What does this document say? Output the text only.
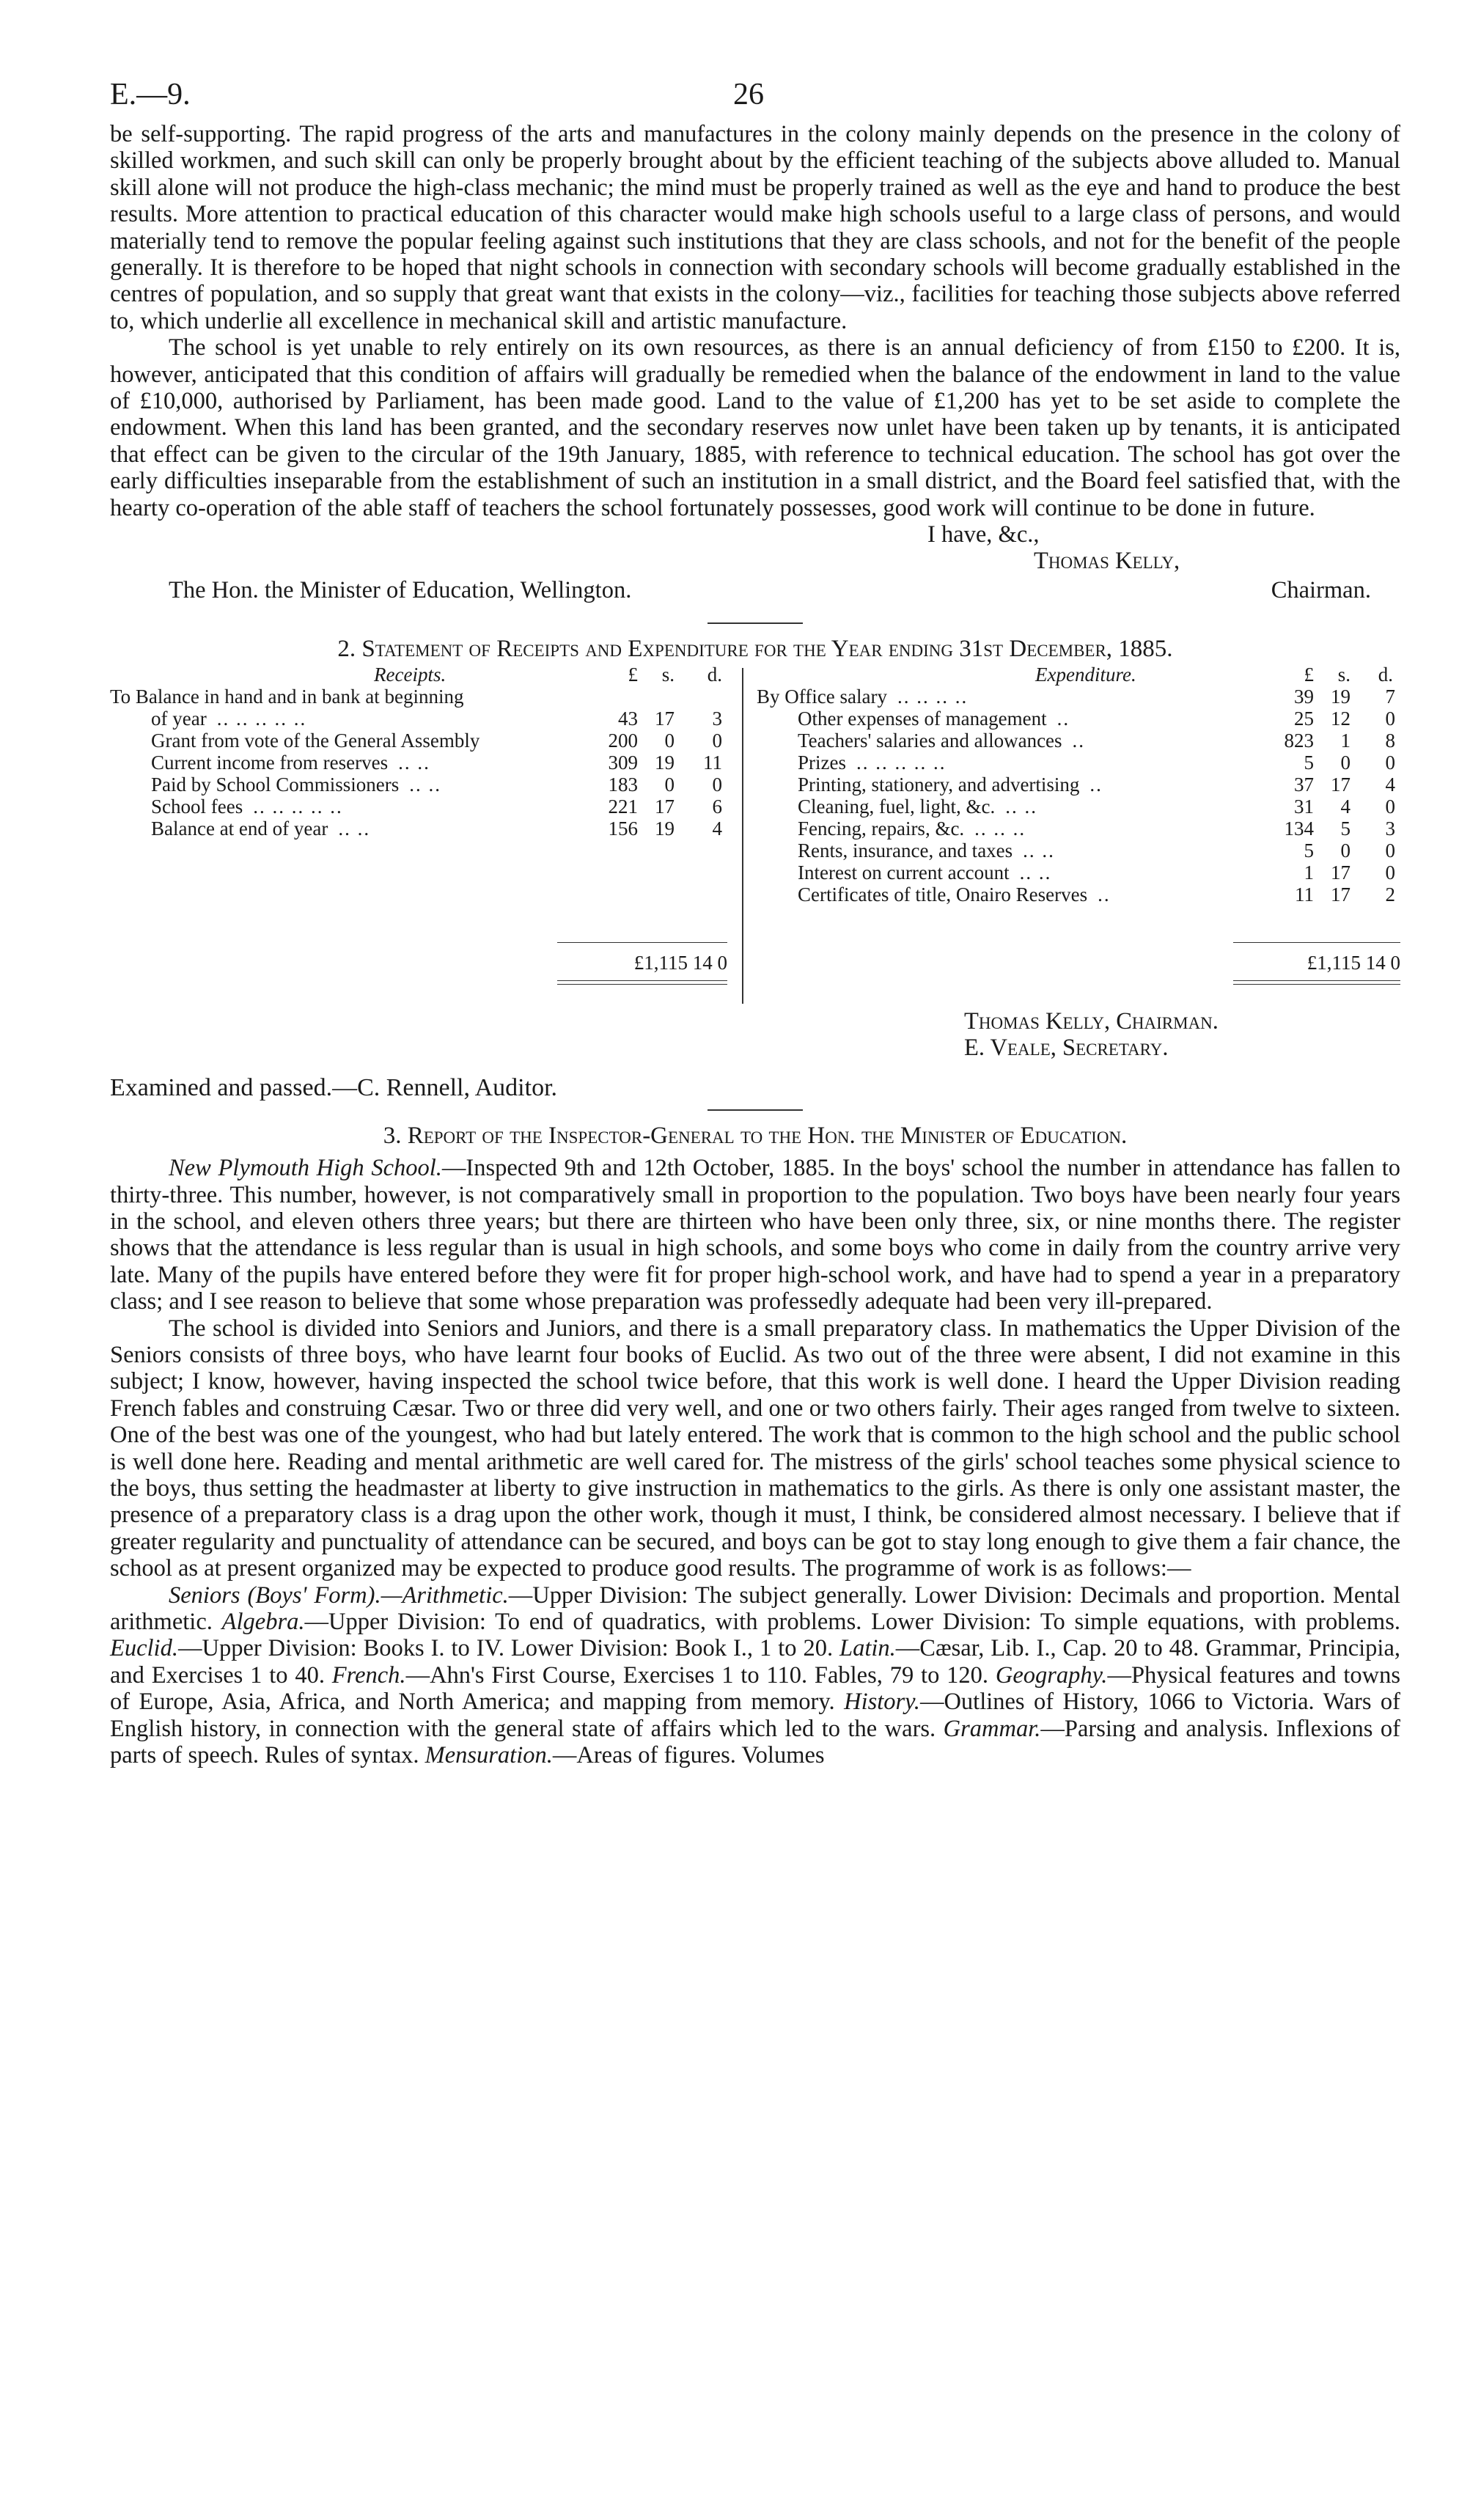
E.—9.	26

be self-supporting. The rapid progress of the arts and manufactures in the colony mainly depends on the presence in the colony of skilled workmen, and such skill can only be properly brought about by the efficient teaching of the subjects above alluded to. Manual skill alone will not produce the high-class mechanic; the mind must be properly trained as well as the eye and hand to produce the best results. More attention to practical education of this character would make high schools useful to a large class of persons, and would materially tend to remove the popular feeling against such institutions that they are class schools, and not for the benefit of the people generally. It is therefore to be hoped that night schools in connection with secondary schools will become gradually established in the centres of population, and so supply that great want that exists in the colony—viz., facilities for teaching those subjects above referred to, which underlie all excellence in mechanical skill and artistic manufacture.

The school is yet unable to rely entirely on its own resources, as there is an annual deficiency of from £150 to £200. It is, however, anticipated that this condition of affairs will gradually be remedied when the balance of the endowment in land to the value of £10,000, authorised by Parliament, has been made good. Land to the value of £1,200 has yet to be set aside to complete the endowment. When this land has been granted, and the secondary reserves now unlet have been taken up by tenants, it is anticipated that effect can be given to the circular of the 19th January, 1885, with reference to technical education. The school has got over the early difficulties inseparable from the establishment of such an institution in a small district, and the Board feel satisfied that, with the hearty co-operation of the able staff of teachers the school fortunately possesses, good work will continue to be done in future.

I have, &c.,
Thomas Kelly,
The Hon. the Minister of Education, Wellington.	Chairman.

2. Statement of Receipts and Expenditure for the Year ending 31st December, 1885.

Receipts.	£	s.	d.
To Balance in hand and in bank at beginning
of year .. .. .. .. ..	43 17	3
Grant from vote of the General Assembly	200	0	0
Current income from reserves .. ..	309 19	11
Paid by School Commissioners .. ..	183	0	0
School fees .. .. .. .. ..	221 17	6
Balance at end of year .. ..	156 19	4
£1,115 14 0
Expenditure.	£	s.	d.
By Office salary .. .. .. ..	39 19	7
Other expenses of management ..	25 12	0
Teachers' salaries and allowances ..	823	1	8
Prizes .. .. .. .. ..	5	0	0
Printing, stationery, and advertising ..	37 17	4
Cleaning, fuel, light, &c. .. ..	31	4	0
Fencing, repairs, &c. .. .. ..	134	5	3
Rents, insurance, and taxes .. ..	5	0	0
Interest on current account .. ..	1 17	0
Certificates of title, Onairo Reserves ..	11 17	2
£1,115 14 0
Thomas Kelly, Chairman.
E. Veale, Secretary.
Examined and passed.—C. Rennell, Auditor.

3. Report of the Inspector-General to the Hon. the Minister of Education.

New Plymouth High School.—Inspected 9th and 12th October, 1885. In the boys' school the number in attendance has fallen to thirty-three. This number, however, is not comparatively small in proportion to the population. Two boys have been nearly four years in the school, and eleven others three years; but there are thirteen who have been only three, six, or nine months there. The register shows that the attendance is less regular than is usual in high schools, and some boys who come in daily from the country arrive very late. Many of the pupils have entered before they were fit for proper high-school work, and have had to spend a year in a preparatory class; and I see reason to believe that some whose preparation was professedly adequate had been very ill-prepared.

The school is divided into Seniors and Juniors, and there is a small preparatory class. In mathematics the Upper Division of the Seniors consists of three boys, who have learnt four books of Euclid. As two out of the three were absent, I did not examine in this subject; I know, however, having inspected the school twice before, that this work is well done. I heard the Upper Division reading French fables and construing Cæsar. Two or three did very well, and one or two others fairly. Their ages ranged from twelve to sixteen. One of the best was one of the youngest, who had but lately entered. The work that is common to the high school and the public school is well done here. Reading and mental arithmetic are well cared for. The mistress of the girls' school teaches some physical science to the boys, thus setting the headmaster at liberty to give instruction in mathematics to the girls. As there is only one assistant master, the presence of a preparatory class is a drag upon the other work, though it must, I think, be considered almost necessary. I believe that if greater regularity and punctuality of attendance can be secured, and boys can be got to stay long enough to give them a fair chance, the school as at present organized may be expected to produce good results. The programme of work is as follows:—

Seniors (Boys' Form).—Arithmetic.—Upper Division: The subject generally. Lower Division: Decimals and proportion. Mental arithmetic. Algebra.—Upper Division: To end of quadratics, with problems. Lower Division: To simple equations, with problems. Euclid.—Upper Division: Books I. to IV. Lower Division: Book I., 1 to 20. Latin.—Cæsar, Lib. I., Cap. 20 to 48. Grammar, Principia, and Exercises 1 to 40. French.—Ahn's First Course, Exercises 1 to 110. Fables, 79 to 120. Geography.—Physical features and towns of Europe, Asia, Africa, and North America; and mapping from memory. History.—Outlines of History, 1066 to Victoria. Wars of English history, in connection with the general state of affairs which led to the wars. Grammar.—Parsing and analysis. Inflexions of parts of speech. Rules of syntax. Mensuration.—Areas of figures. Volumes
